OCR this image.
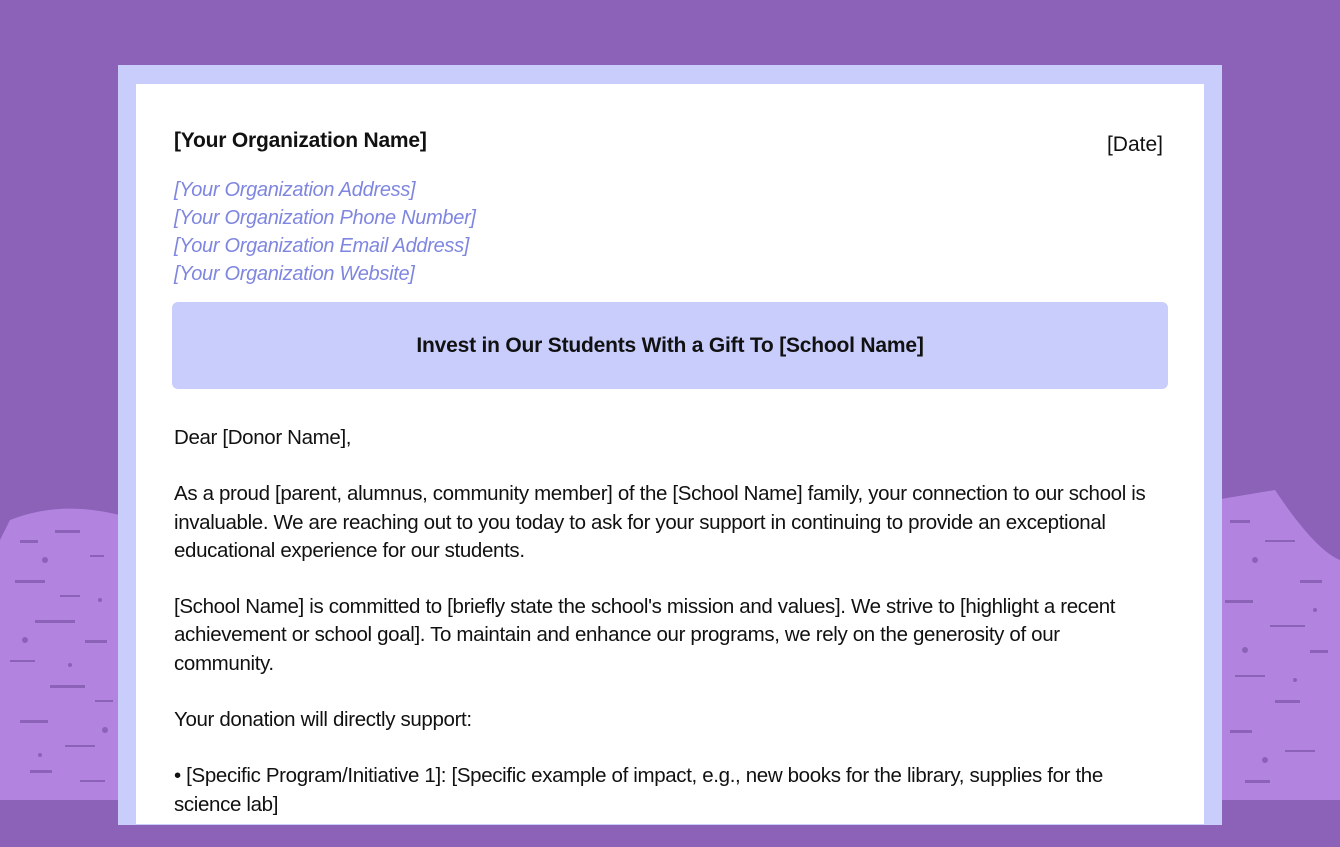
[Your Organization Name]	[Date]
[Your Organization Address]
[Your Organization Phone Number]
[Your Organization Email Address]
[Your Organization Website]
Invest in Our Students With a Gift To [School Name]

Dear [Donor Name],

As a proud [parent, alumnus, community member] of the [School Name] family, your connection to our school is invaluable. We are reaching out to you today to ask for your support in continuing to provide an exceptional educational experience for our students.

[School Name] is committed to [briefly state the school's mission and values]. We strive to [highlight a recent achievement or school goal]. To maintain and enhance our programs, we rely on the generosity of our community.

Your donation will directly support:

• [Specific Program/Initiative 1]: [Specific example of impact, e.g., new books for the library, supplies for the science lab]
